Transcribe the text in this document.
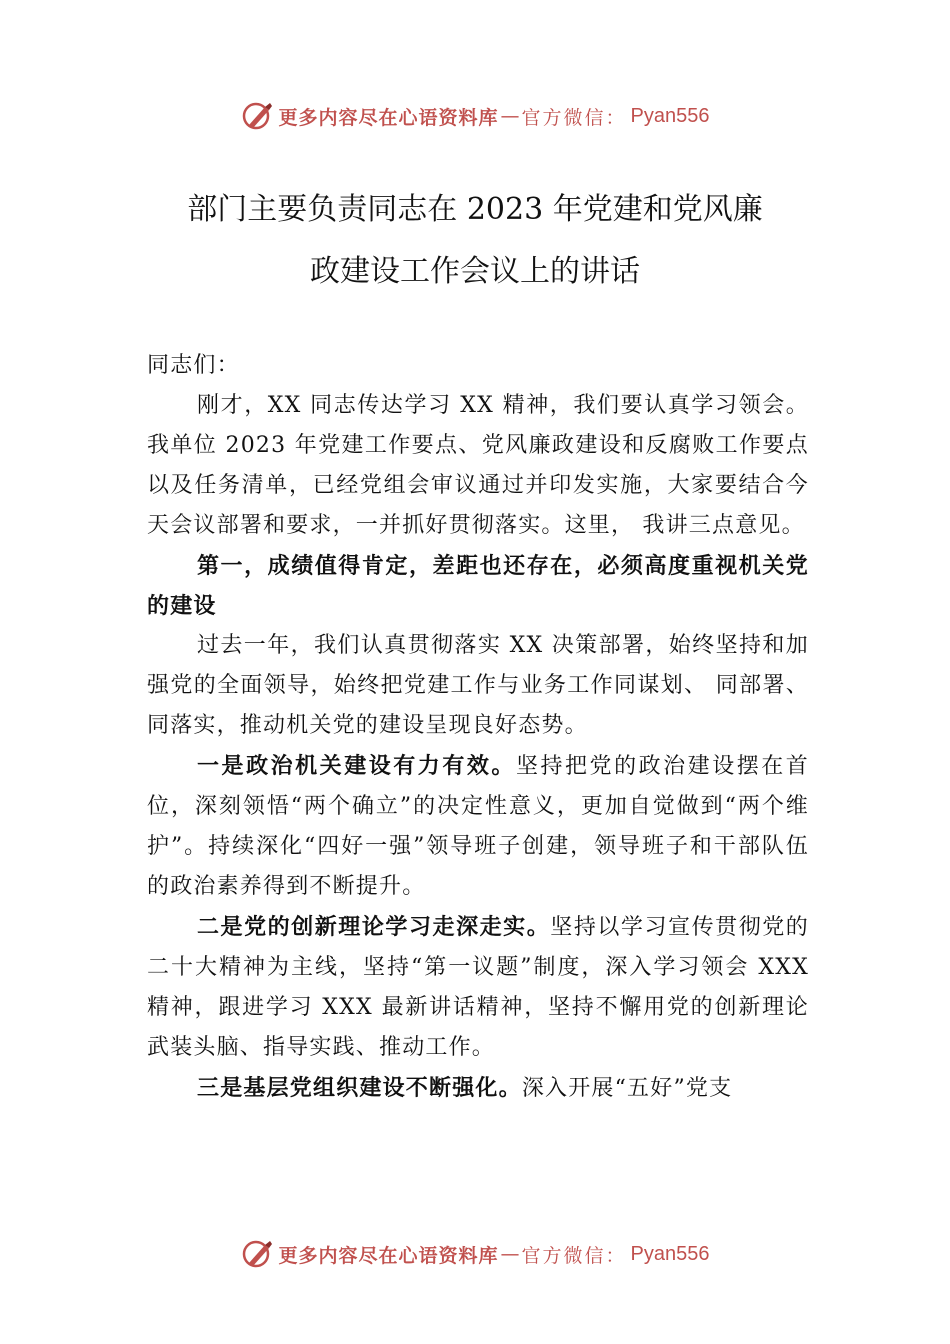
更多内容尽在心语资料库 — 官方微信： Pyan556
部门主要负责同志在 2023 年党建和党风廉
政建设工作会议上的讲话

同志们：

刚才，XX 同志传达学习 XX 精神，我们要认真学习领会。我单位 2023 年党建工作要点、党风廉政建设和反腐败工作要点以及任务清单，已经党组会审议通过并印发实施，大家要结合今天会议部署和要求，一并抓好贯彻落实。这里， 我讲三点意见。

第一，成绩值得肯定，差距也还存在，必须高度重视机关党的建设

过去一年，我们认真贯彻落实 XX 决策部署，始终坚持和加强党的全面领导，始终把党建工作与业务工作同谋划、 同部署、同落实，推动机关党的建设呈现良好态势。

一是政治机关建设有力有效。坚持把党的政治建设摆在首位，深刻领悟“两个确立”的决定性意义，更加自觉做到“两个维护”。持续深化“四好一强”领导班子创建，领导班子和干部队伍的政治素养得到不断提升。

二是党的创新理论学习走深走实。坚持以学习宣传贯彻党的二十大精神为主线，坚持“第一议题”制度，深入学习领会 XXX 精神，跟进学习 XXX 最新讲话精神，坚持不懈用党的创新理论武装头脑、指导实践、推动工作。

三是基层党组织建设不断强化。深入开展“五好”党支

更多内容尽在心语资料库 — 官方微信： Pyan556
